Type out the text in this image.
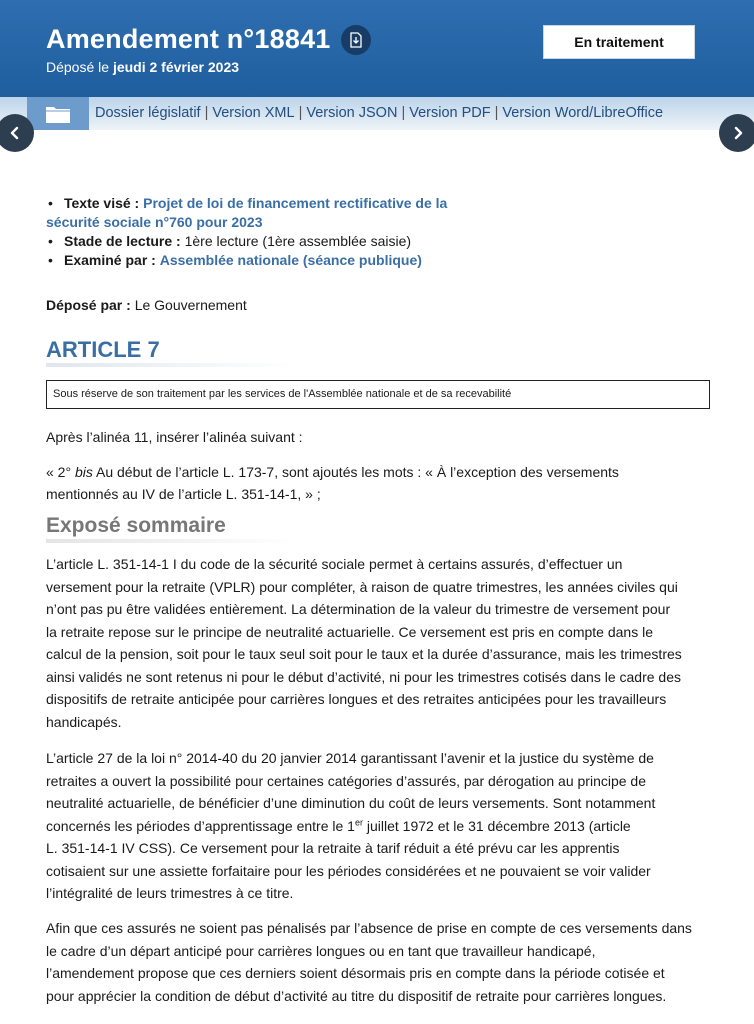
Amendement n°18841
Déposé le jeudi 2 février 2023
En traitement
Dossier législatif | Version XML | Version JSON | Version PDF | Version Word/LibreOffice
• Texte visé : Projet de loi de financement rectificative de la
sécurité sociale n°760 pour 2023
• Stade de lecture : 1ère lecture (1ère assemblée saisie)
• Examiné par : Assemblée nationale (séance publique)
Déposé par : Le Gouvernement
ARTICLE 7
Sous réserve de son traitement par les services de l'Assemblée nationale et de sa recevabilité
Après l’alinéa 11, insérer l’alinéa suivant :
« 2° bis Au début de l’article L. 173-7, sont ajoutés les mots : « À l’exception des versements
mentionnés au IV de l’article L. 351-14-1, » ;
Exposé sommaire
L’article L. 351-14-1 I du code de la sécurité sociale permet à certains assurés, d’effectuer un
versement pour la retraite (VPLR) pour compléter, à raison de quatre trimestres, les années civiles qui
n’ont pas pu être validées entièrement. La détermination de la valeur du trimestre de versement pour
la retraite repose sur le principe de neutralité actuarielle. Ce versement est pris en compte dans le
calcul de la pension, soit pour le taux seul soit pour le taux et la durée d’assurance, mais les trimestres
ainsi validés ne sont retenus ni pour le début d’activité, ni pour les trimestres cotisés dans le cadre des
dispositifs de retraite anticipée pour carrières longues et des retraites anticipées pour les travailleurs
handicapés.
L’article 27 de la loi n° 2014-40 du 20 janvier 2014 garantissant l’avenir et la justice du système de
retraites a ouvert la possibilité pour certaines catégories d’assurés, par dérogation au principe de
neutralité actuarielle, de bénéficier d’une diminution du coût de leurs versements. Sont notamment
concernés les périodes d’apprentissage entre le 1er juillet 1972 et le 31 décembre 2013 (article
L. 351-14-1 IV CSS). Ce versement pour la retraite à tarif réduit a été prévu car les apprentis
cotisaient sur une assiette forfaitaire pour les périodes considérées et ne pouvaient se voir valider
l’intégralité de leurs trimestres à ce titre.
Afin que ces assurés ne soient pas pénalisés par l’absence de prise en compte de ces versements dans
le cadre d’un départ anticipé pour carrières longues ou en tant que travailleur handicapé,
l’amendement propose que ces derniers soient désormais pris en compte dans la période cotisée et
pour apprécier la condition de début d’activité au titre du dispositif de retraite pour carrières longues.
